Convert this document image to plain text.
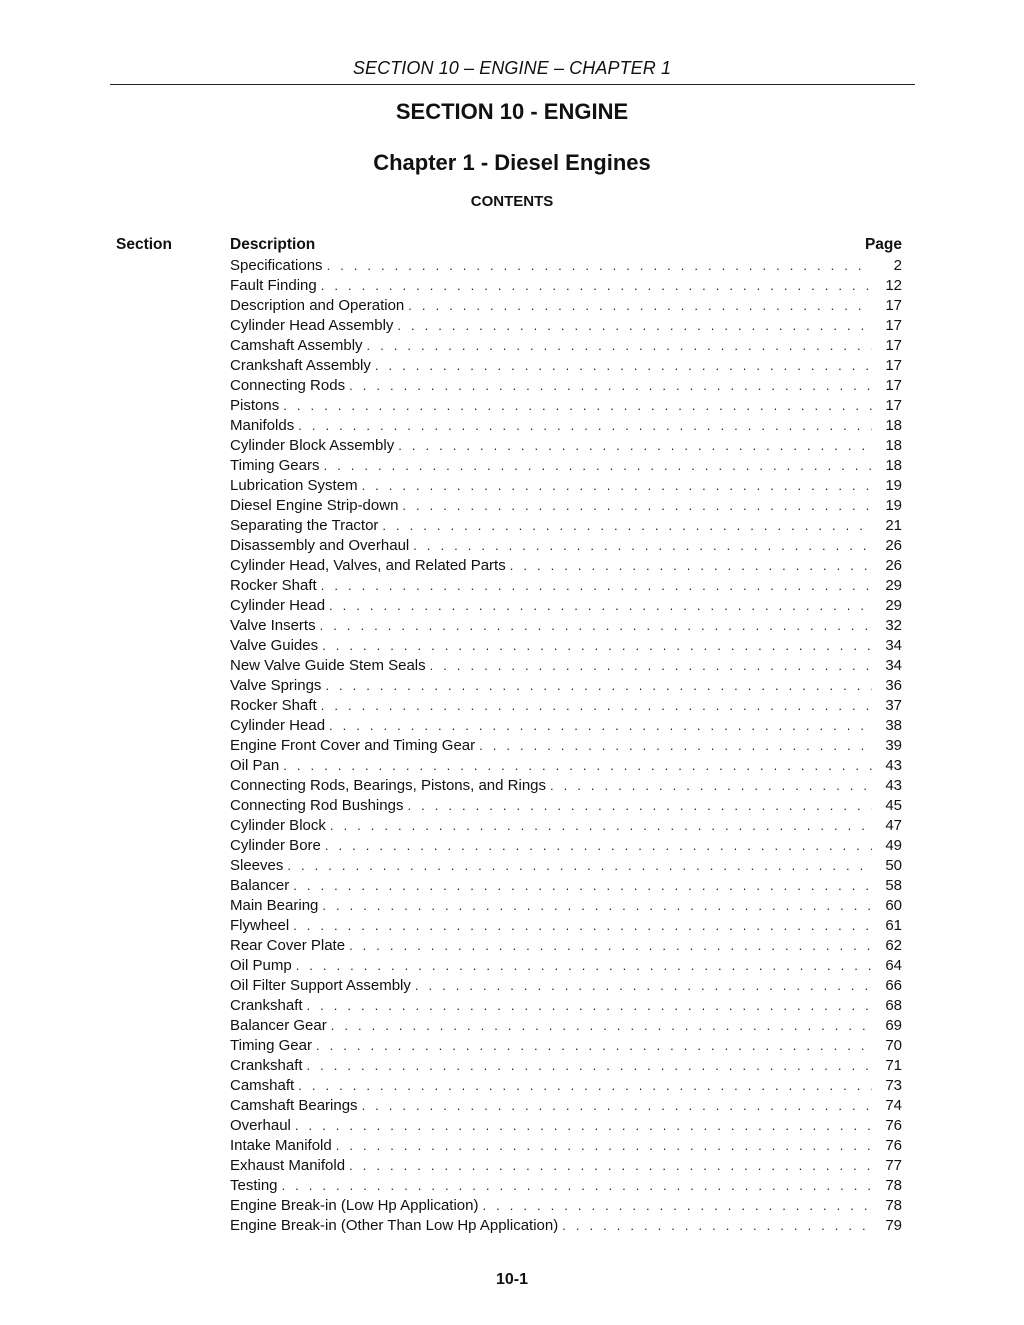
SECTION 10 – ENGINE – CHAPTER 1
SECTION 10 - ENGINE
Chapter 1 - Diesel Engines
CONTENTS
Section	Description	Page
Specifications . . .	2
Fault Finding . . .	12
Description and Operation . . .	17
Cylinder Head Assembly . . .	17
Camshaft Assembly . . .	17
Crankshaft Assembly . . .	17
Connecting Rods . . .	17
Pistons . . .	17
Manifolds . . .	18
Cylinder Block Assembly . . .	18
Timing Gears . . .	18
Lubrication System . . .	19
Diesel Engine Strip-down . . .	19
Separating the Tractor . . .	21
Disassembly and Overhaul . . .	26
Cylinder Head, Valves, and Related Parts . . .	26
Rocker Shaft . . .	29
Cylinder Head . . .	29
Valve Inserts . . .	32
Valve Guides . . .	34
New Valve Guide Stem Seals . . .	34
Valve Springs . . .	36
Rocker Shaft . . .	37
Cylinder Head . . .	38
Engine Front Cover and Timing Gear . . .	39
Oil Pan . . .	43
Connecting Rods, Bearings, Pistons, and Rings . . .	43
Connecting Rod Bushings . . .	45
Cylinder Block . . .	47
Cylinder Bore . . .	49
Sleeves . . .	50
Balancer . . .	58
Main Bearing . . .	60
Flywheel . . .	61
Rear Cover Plate . . .	62
Oil Pump . . .	64
Oil Filter Support Assembly . . .	66
Crankshaft . . .	68
Balancer Gear . . .	69
Timing Gear . . .	70
Crankshaft . . .	71
Camshaft . . .	73
Camshaft Bearings . . .	74
Overhaul . . .	76
Intake Manifold . . .	76
Exhaust Manifold . . .	77
Testing . . .	78
Engine Break-in (Low Hp Application) . . .	78
Engine Break-in (Other Than Low Hp Application) . . .	79
10-1
